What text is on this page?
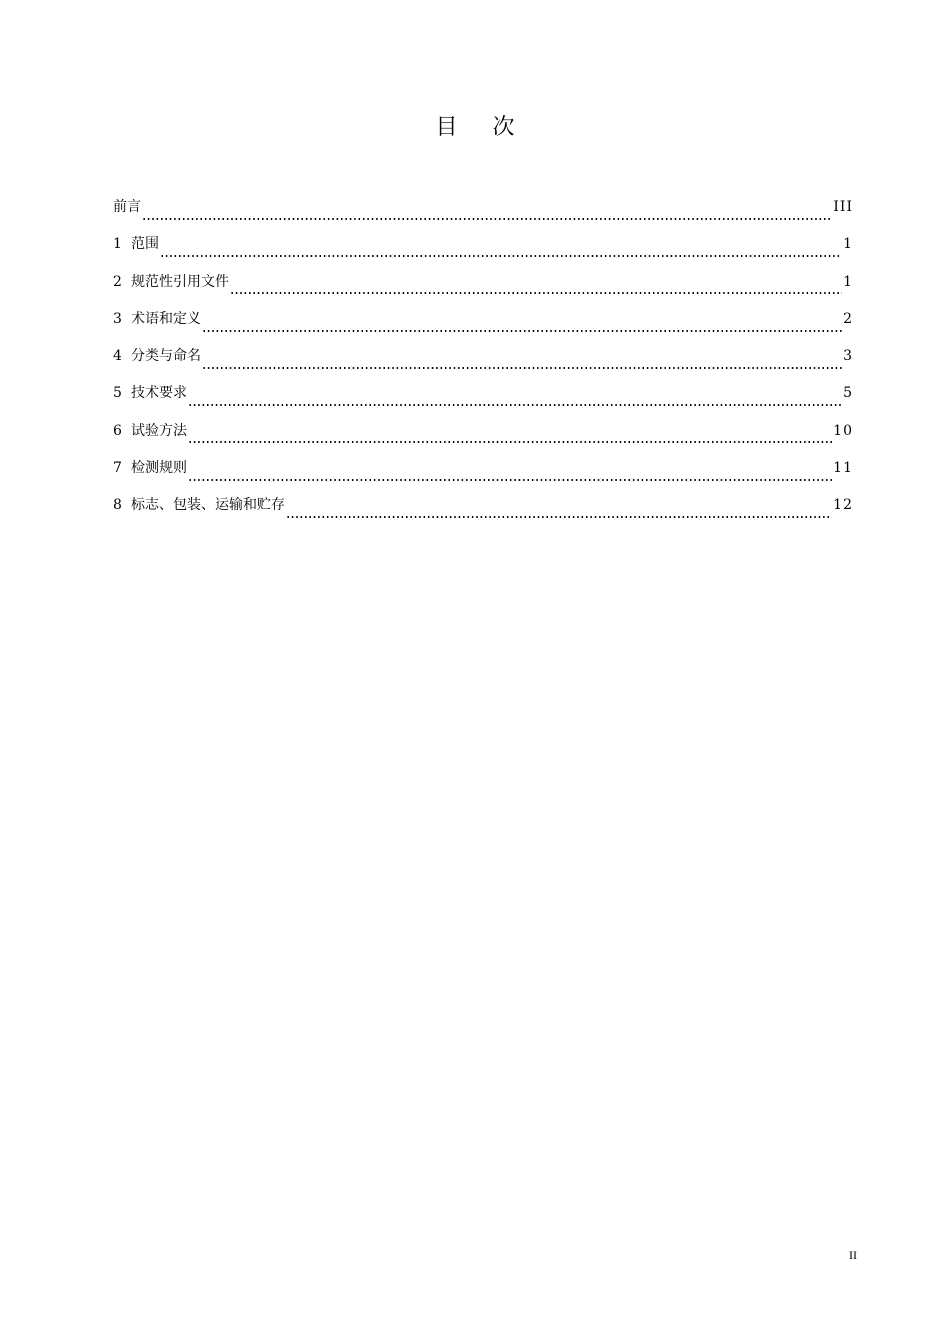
目 次
前言	III
1 范围	1
2 规范性引用文件	1
3 术语和定义	2
4 分类与命名	3
5 技术要求	5
6 试验方法	10
7 检测规则	11
8 标志、包装、运输和贮存	12
II
